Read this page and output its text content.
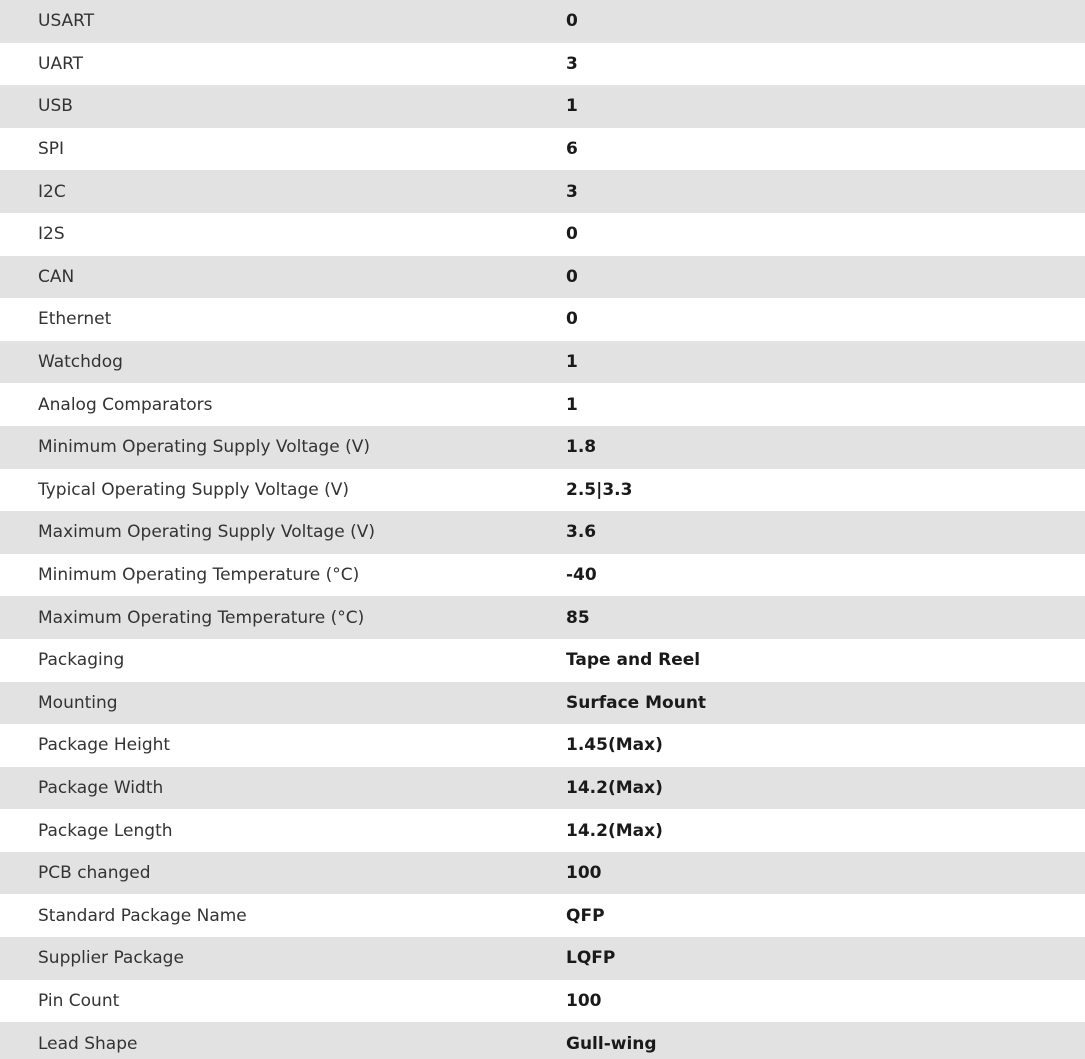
USART	0
UART	3
USB	1
SPI	6
I2C	3
I2S	0
CAN	0
Ethernet	0
Watchdog	1
Analog Comparators	1
Minimum Operating Supply Voltage (V)	1.8
Typical Operating Supply Voltage (V)	2.5|3.3
Maximum Operating Supply Voltage (V)	3.6
Minimum Operating Temperature (°C)	-40
Maximum Operating Temperature (°C)	85
Packaging	Tape and Reel
Mounting	Surface Mount
Package Height	1.45(Max)
Package Width	14.2(Max)
Package Length	14.2(Max)
PCB changed	100
Standard Package Name	QFP
Supplier Package	LQFP
Pin Count	100
Lead Shape	Gull-wing
